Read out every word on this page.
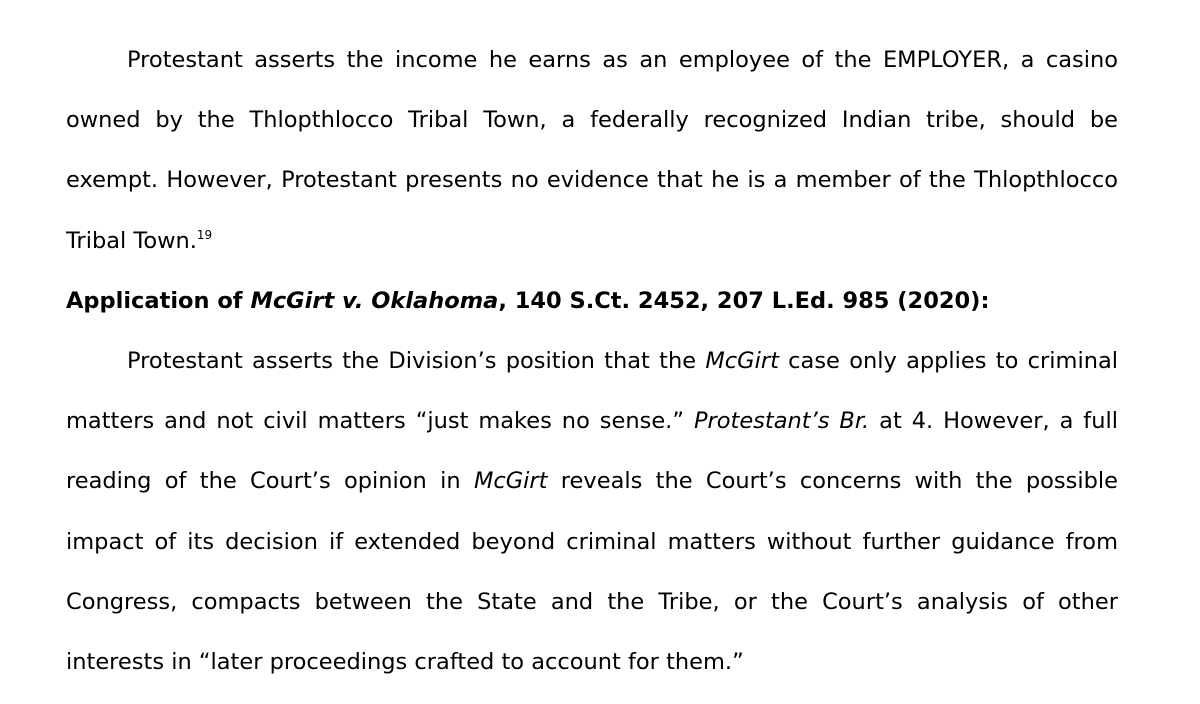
Protestant asserts the income he earns as an employee of the EMPLOYER, a casino owned by the Thlopthlocco Tribal Town, a federally recognized Indian tribe, should be exempt. However, Protestant presents no evidence that he is a member of the Thlopthlocco Tribal Town.$^{19}$

Application of McGirt v. Oklahoma, 140 S.Ct. 2452, 207 L.Ed. 985 (2020):

Protestant asserts the Division’s position that the McGirt case only applies to criminal matters and not civil matters “just makes no sense.” Protestant’s Br. at 4. However, a full reading of the Court’s opinion in McGirt reveals the Court’s concerns with the possible impact of its decision if extended beyond criminal matters without further guidance from Congress, compacts between the State and the Tribe, or the Court’s analysis of other interests in “later proceedings crafted to account for them.”
